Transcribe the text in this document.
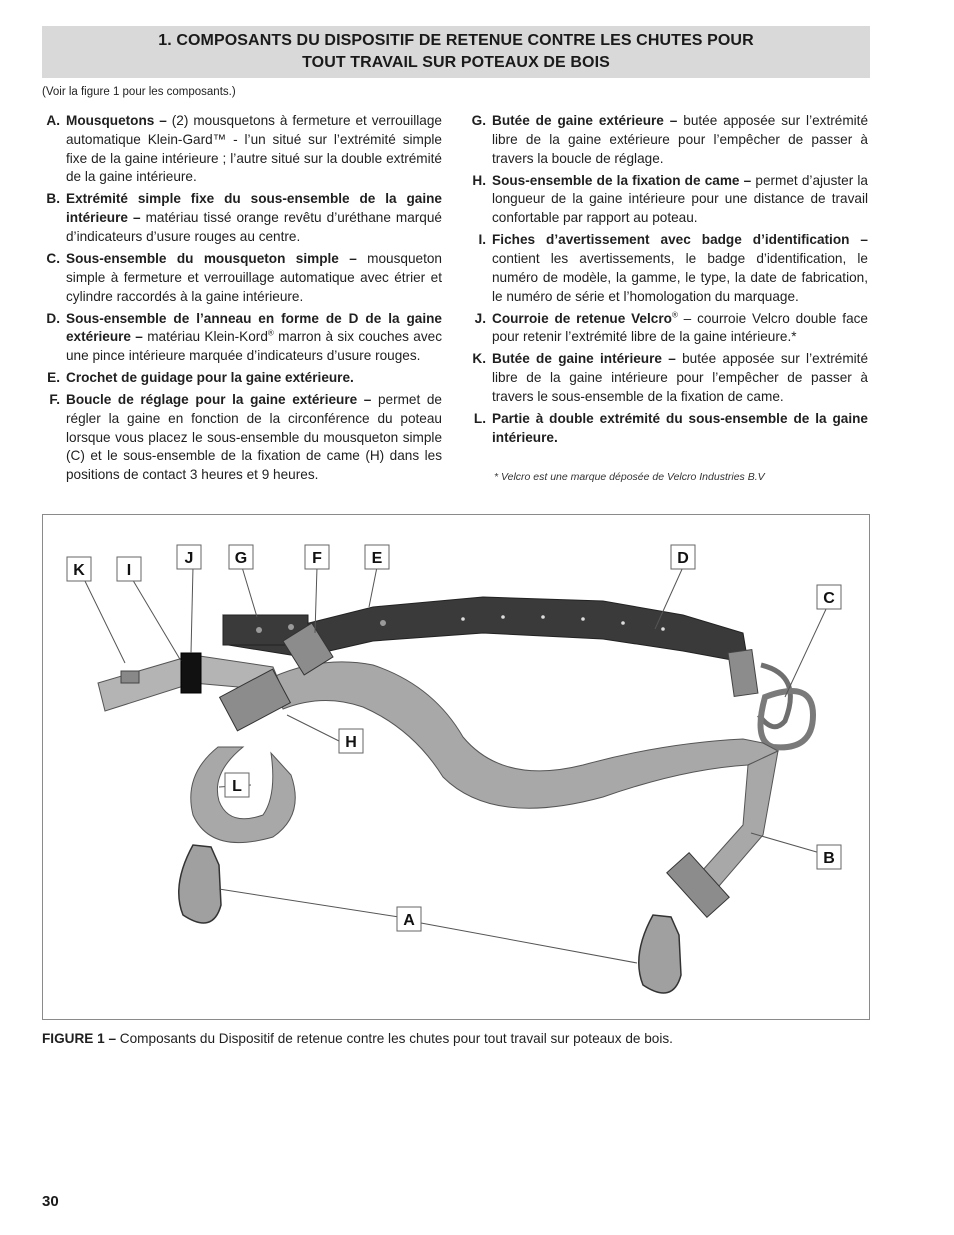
1. COMPOSANTS DU DISPOSITIF DE RETENUE CONTRE LES CHUTES POUR
TOUT TRAVAIL SUR POTEAUX DE BOIS
(Voir la figure 1 pour les composants.)
A. Mousquetons – (2) mousquetons à fermeture et verrouillage automatique Klein-Gard™ - l’un situé sur l’extrémité simple fixe de la gaine intérieure ; l’autre situé sur la double extrémité de la gaine intérieure.
B. Extrémité simple fixe du sous-ensemble de la gaine intérieure – matériau tissé orange revêtu d’uréthane marqué d’indicateurs d’usure rouges au centre.
C. Sous-ensemble du mousqueton simple – mousqueton simple à fermeture et verrouillage automatique avec étrier et cylindre raccordés à la gaine intérieure.
D. Sous-ensemble de l’anneau en forme de D de la gaine extérieure – matériau Klein-Kord® marron à six couches avec une pince intérieure marquée d’indicateurs d’usure rouges.
E. Crochet de guidage pour la gaine extérieure.
F. Boucle de réglage pour la gaine extérieure – permet de régler la gaine en fonction de la circonférence du poteau lorsque vous placez le sous-ensemble du mousqueton simple (C) et le sous-ensemble de la fixation de came (H) dans les positions de contact 3 heures et 9 heures.
G. Butée de gaine extérieure – butée apposée sur l’extrémité libre de la gaine extérieure pour l’empêcher de passer à travers la boucle de réglage.
H. Sous-ensemble de la fixation de came – permet d’ajuster la longueur de la gaine intérieure pour une distance de travail confortable par rapport au poteau.
I. Fiches d’avertissement avec badge d’identification – contient les avertissements, le badge d’identification, le numéro de modèle, la gamme, le type, la date de fabrication, le numéro de série et l’homologation du marquage.
J. Courroie de retenue Velcro® – courroie Velcro double face pour retenir l’extrémité libre de la gaine intérieure.*
K. Butée de gaine intérieure – butée apposée sur l’extrémité libre de la gaine intérieure pour l’empêcher de passer à travers le sous-ensemble de la fixation de came.
L. Partie à double extrémité du sous-ensemble de la gaine intérieure.
* Velcro est une marque déposée de Velcro Industries B.V
K	I
J	G	F	E	D
C
H
L
B
A
FIGURE 1 – Composants du Dispositif de retenue contre les chutes pour tout travail sur poteaux de bois.
30
